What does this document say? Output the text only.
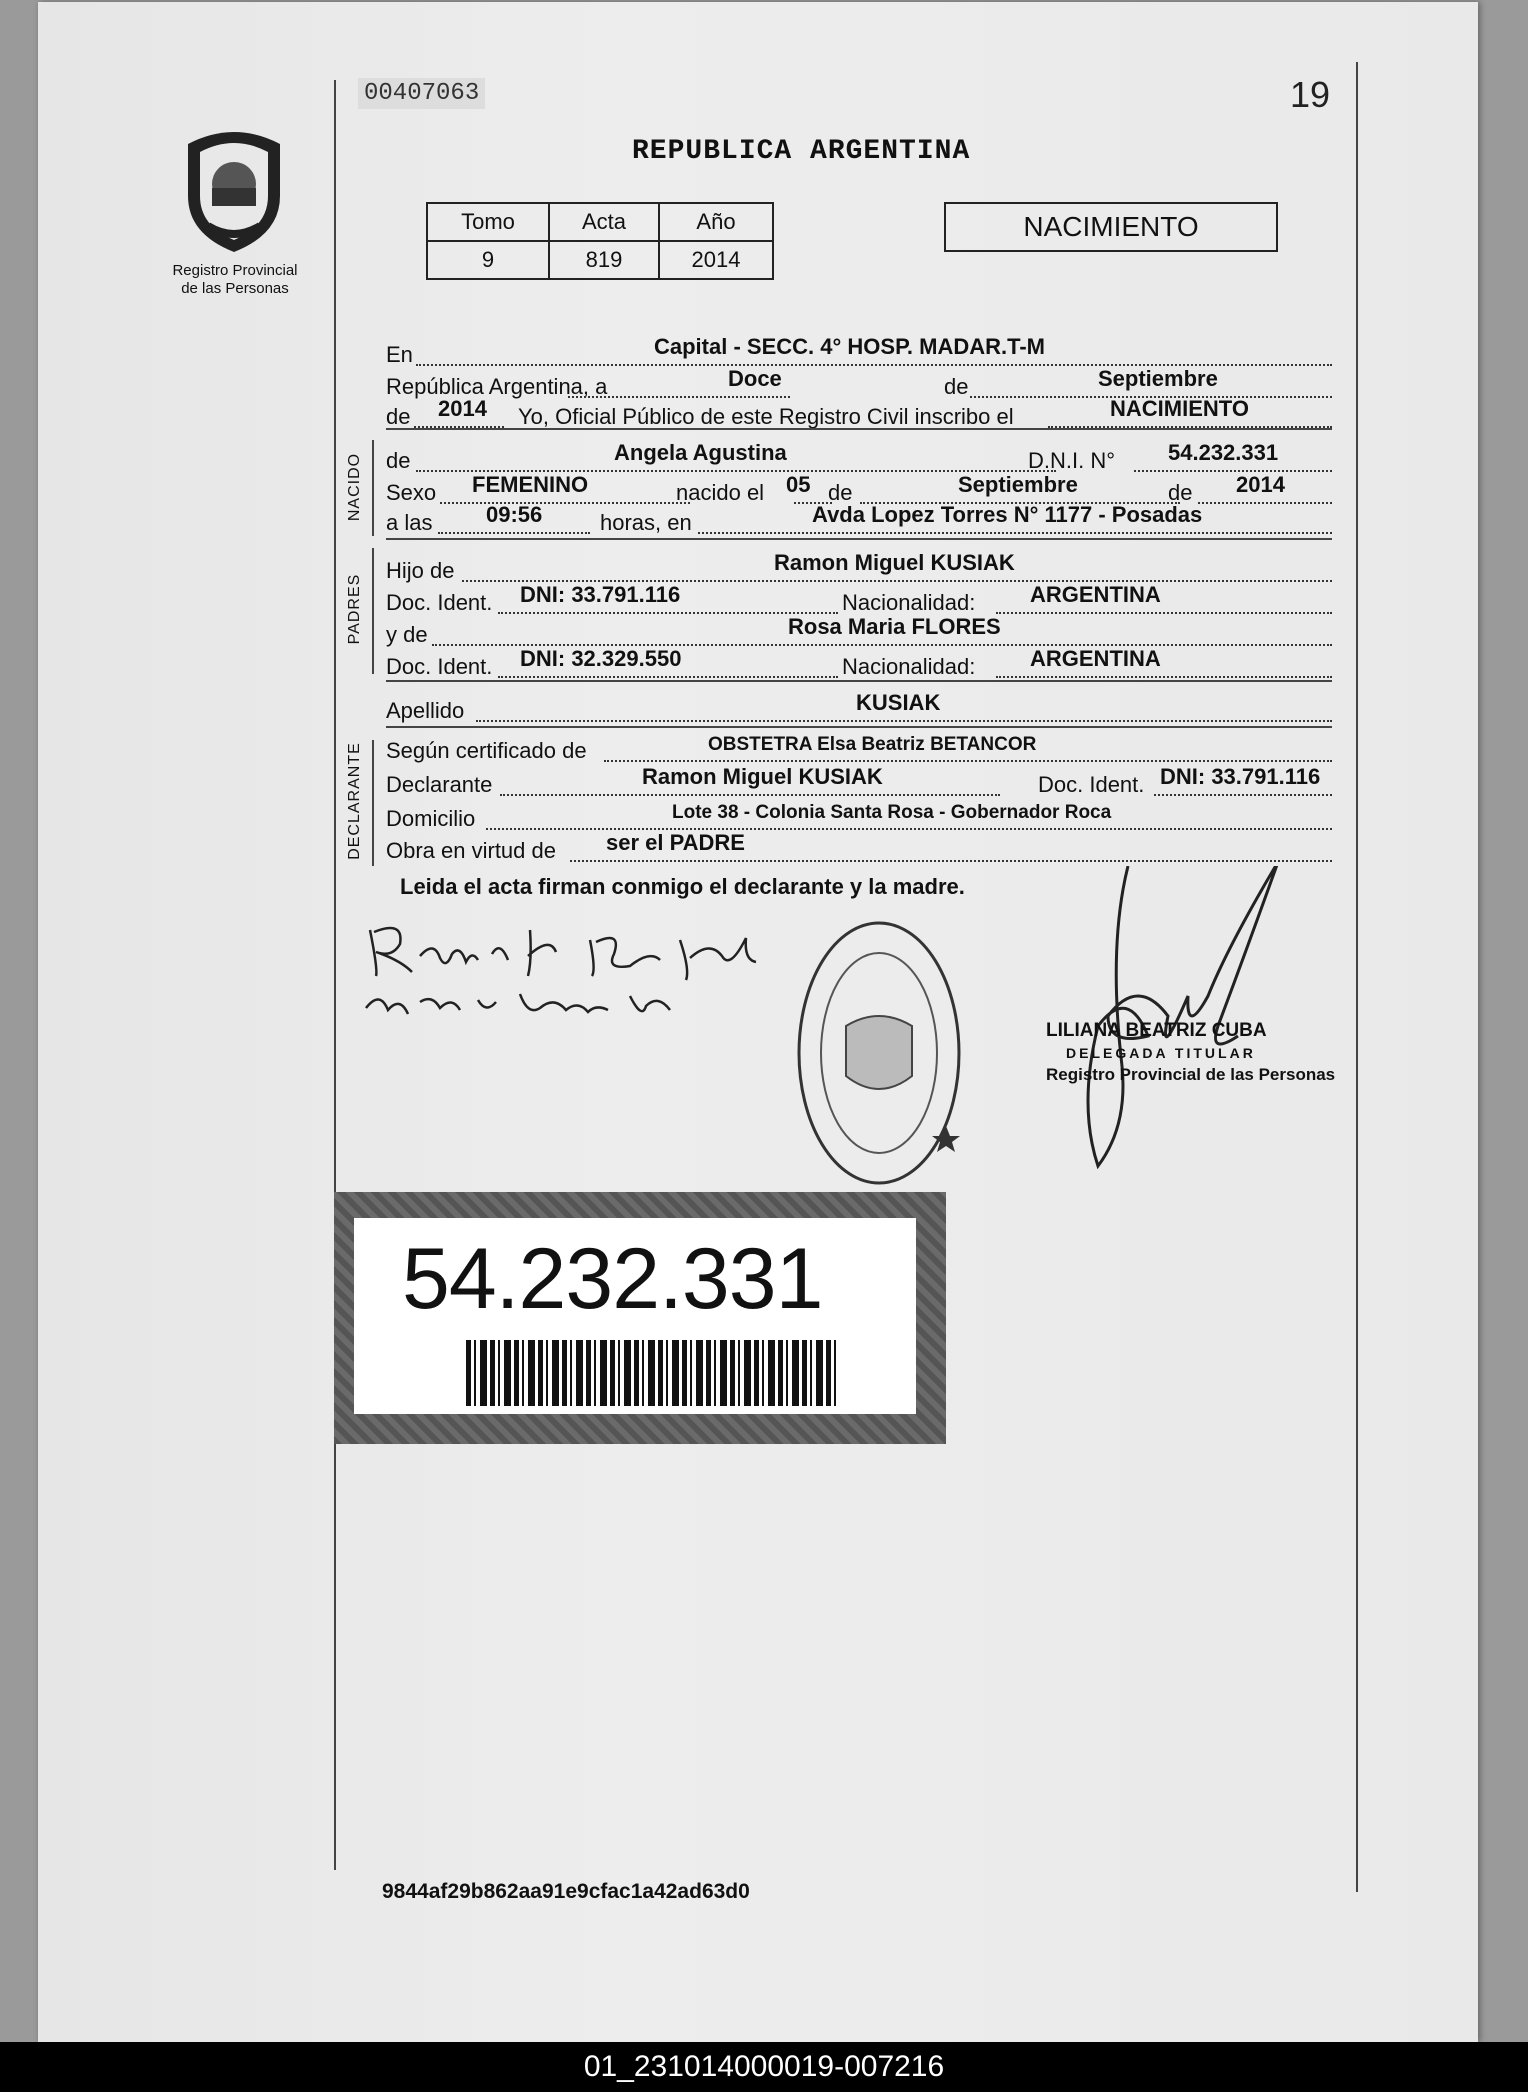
00407063	19
REPUBLICA ARGENTINA
Registro Provincial
de las Personas
Tomo	Acta	Año
9	819	2014
NACIMIENTO
En	Capital - SECC. 4° HOSP. MADAR.T-M
República Argentina, a	Doce	de	Septiembre
de 2014 Yo, Oficial Público de este Registro Civil inscribo el	NACIMIENTO
NACIDO de	Angela Agustina	D.N.I. N° 54.232.331
Sexo FEMENINO	nacido el 05 de	Septiembre	de 2014
a las 09:56	horas, en	Avda Lopez Torres N° 1177 - Posadas
PADRES
Hijo de	Ramon Miguel KUSIAK
Doc. Ident. DNI: 33.791.116	Nacionalidad: ARGENTINA
y de	Rosa Maria FLORES
Doc. Ident. DNI: 32.329.550	Nacionalidad: ARGENTINA
Apellido	KUSIAK
DECLARANTE Según certificado de	OBSTETRA Elsa Beatriz BETANCOR
Declarante	Ramon Miguel KUSIAK	Doc. Ident. DNI: 33.791.116
Domicilio	Lote 38 - Colonia Santa Rosa - Gobernador Roca
Obra en virtud de ser el PADRE
Leida el acta firman conmigo el declarante y la madre.
LILIANA BEATRIZ CUBA
DELEGADA TITULAR
Registro Provincial de las Personas
54.232.331
9844af29b862aa91e9cfac1a42ad63d0
01_231014000019-007216
